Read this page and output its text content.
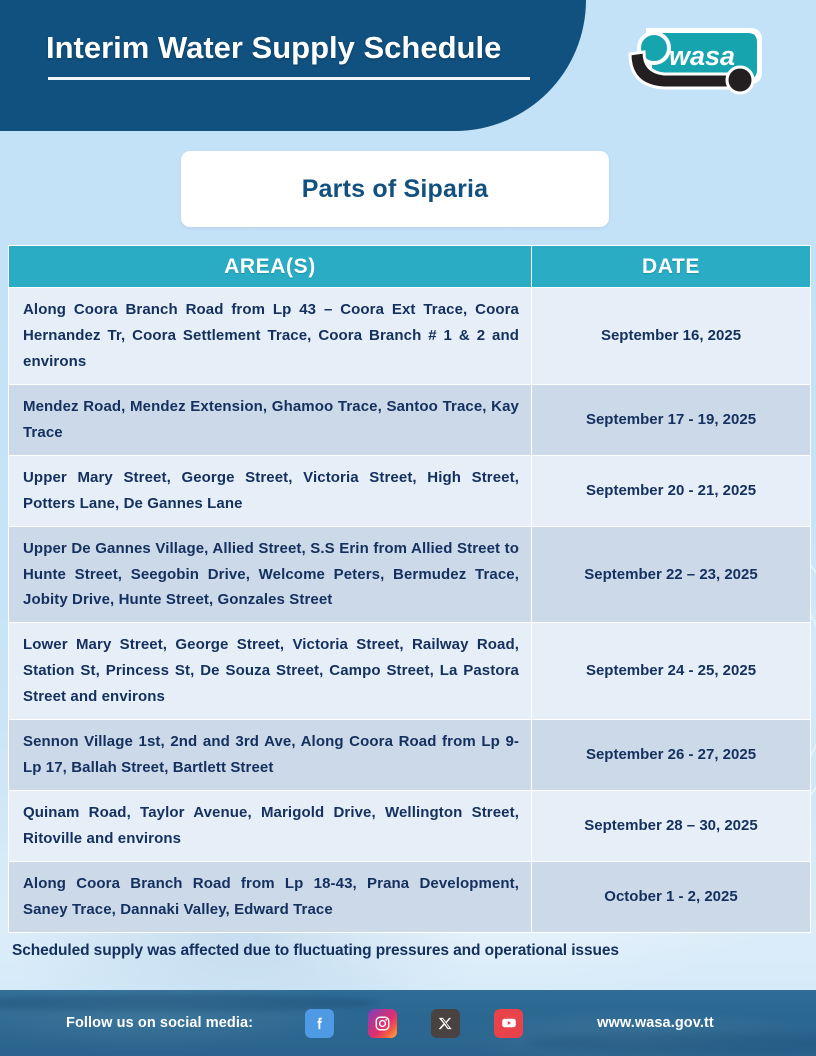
Interim Water Supply Schedule	wasa
Parts of Siparia
AREA(S)	DATE
Along Coora Branch Road from Lp 43 – Coora Ext Trace, Coora Hernandez Tr, Coora Settlement Trace, Coora Branch # 1 & 2 and environs	September 16, 2025
Mendez Road, Mendez Extension, Ghamoo Trace, Santoo Trace, Kay Trace	September 17 - 19, 2025
Upper Mary Street, George Street, Victoria Street, High Street, Potters Lane, De Gannes Lane	September 20 - 21, 2025
Upper De Gannes Village, Allied Street, S.S Erin from Allied Street to Hunte Street, Seegobin Drive, Welcome Peters, Bermudez Trace, Jobity Drive, Hunte Street, Gonzales Street	September 22 – 23, 2025
Lower Mary Street, George Street, Victoria Street, Railway Road, Station St, Princess St, De Souza Street, Campo Street, La Pastora Street and environs	September 24 - 25, 2025
Sennon Village 1st, 2nd and 3rd Ave, Along Coora Road from Lp 9- Lp 17, Ballah Street, Bartlett Street	September 26 - 27, 2025
Quinam Road, Taylor Avenue, Marigold Drive, Wellington Street, Ritoville and environs	September 28 – 30, 2025
Along Coora Branch Road from Lp 18-43, Prana Development, Saney Trace, Dannaki Valley, Edward Trace	October 1 - 2, 2025
Scheduled supply was affected due to fluctuating pressures and operational issues
Follow us on social media:	www.wasa.gov.tt
